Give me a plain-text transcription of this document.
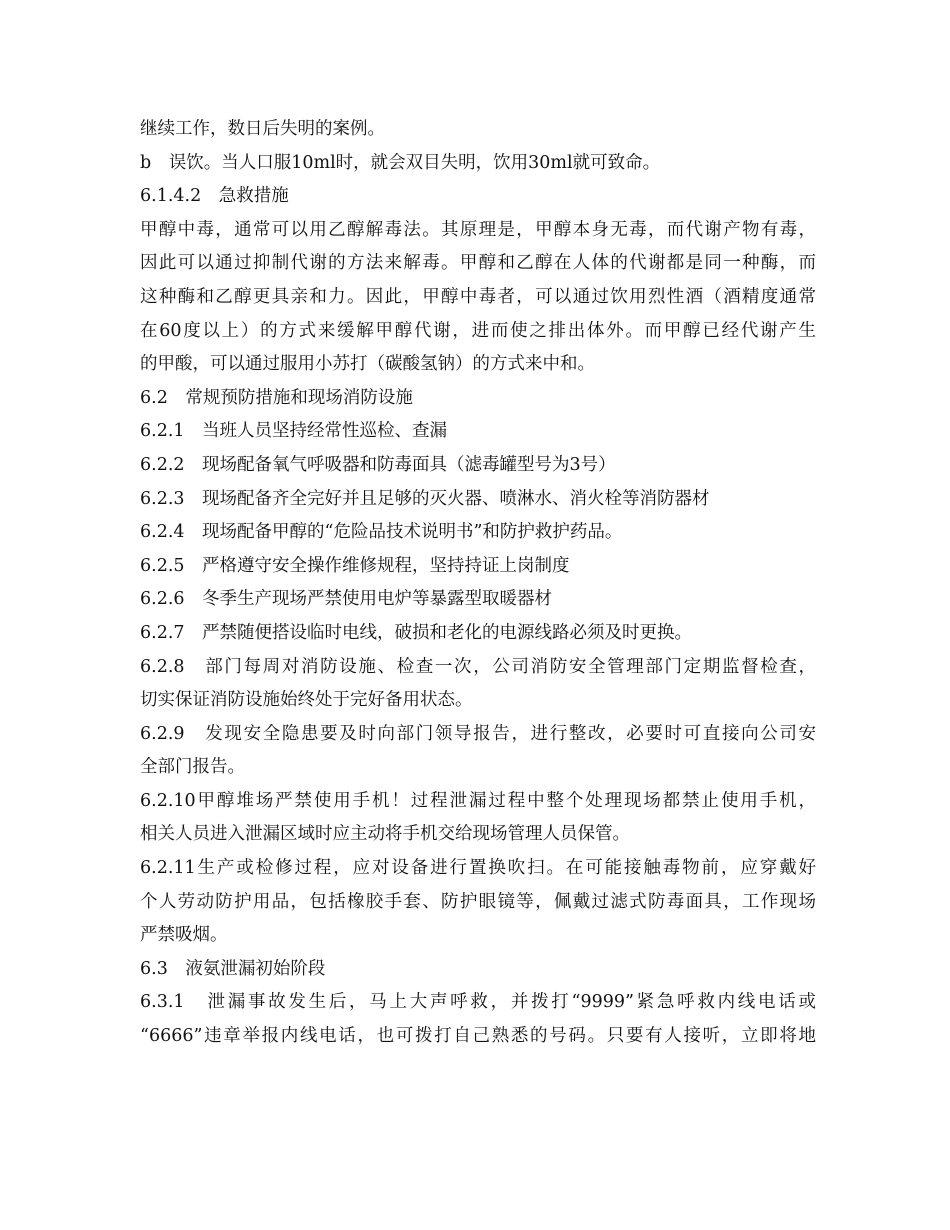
继续工作，数日后失明的案例。
b　误饮。当人口服10ml时，就会双目失明，饮用30ml就可致命。
6.1.4.2　急救措施
甲醇中毒，通常可以用乙醇解毒法。其原理是，甲醇本身无毒，而代谢产物有毒，
因此可以通过抑制代谢的方法来解毒。甲醇和乙醇在人体的代谢都是同一种酶，而
这种酶和乙醇更具亲和力。因此，甲醇中毒者，可以通过饮用烈性酒（酒精度通常
在60度以上）的方式来缓解甲醇代谢，进而使之排出体外。而甲醇已经代谢产生
的甲酸，可以通过服用小苏打（碳酸氢钠）的方式来中和。
6.2　常规预防措施和现场消防设施
6.2.1　当班人员坚持经常性巡检、查漏
6.2.2　现场配备氧气呼吸器和防毒面具（滤毒罐型号为3号）
6.2.3　现场配备齐全完好并且足够的灭火器、喷淋水、消火栓等消防器材
6.2.4　现场配备甲醇的“危险品技术说明书”和防护救护药品。
6.2.5　严格遵守安全操作维修规程，坚持持证上岗制度
6.2.6　冬季生产现场严禁使用电炉等暴露型取暖器材
6.2.7　严禁随便搭设临时电线，破损和老化的电源线路必须及时更换。
6.2.8　部门每周对消防设施、检查一次，公司消防安全管理部门定期监督检查，
切实保证消防设施始终处于完好备用状态。
6.2.9　发现安全隐患要及时向部门领导报告，进行整改，必要时可直接向公司安
全部门报告。
6.2.10甲醇堆场严禁使用手机！过程泄漏过程中整个处理现场都禁止使用手机，
相关人员进入泄漏区域时应主动将手机交给现场管理人员保管。
6.2.11生产或检修过程，应对设备进行置换吹扫。在可能接触毒物前，应穿戴好
个人劳动防护用品，包括橡胶手套、防护眼镜等，佩戴过滤式防毒面具，工作现场
严禁吸烟。
6.3　液氨泄漏初始阶段
6.3.1　泄漏事故发生后，马上大声呼救，并拨打“9999”紧急呼救内线电话或
“6666”违章举报内线电话，也可拨打自己熟悉的号码。只要有人接听，立即将地
